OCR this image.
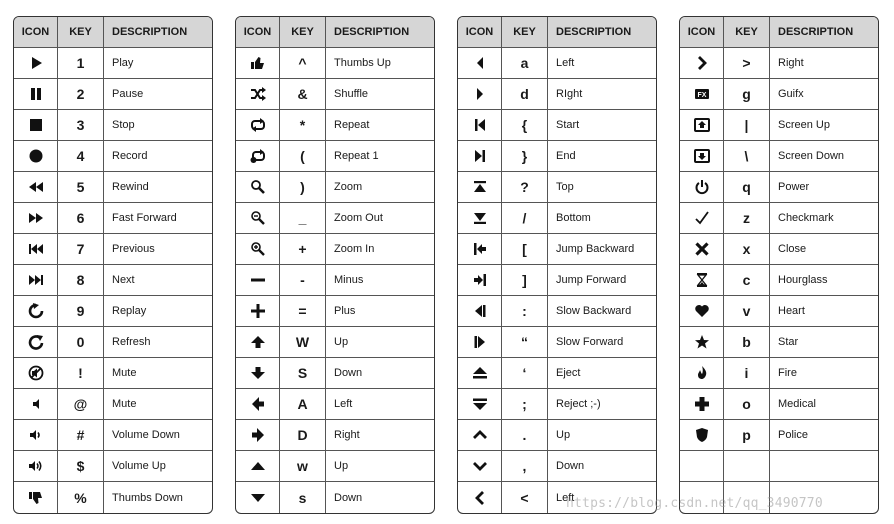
ICON	KEY	DESCRIPTION
1	Play
2	Pause
3	Stop
4	Record
5	Rewind
6	Fast Forward
7	Previous
8	Next
9	Replay
0	Refresh
!	Mute
@	Mute
#	Volume Down
$	Volume Up
%	Thumbs Down
ICON	KEY	DESCRIPTION
^	Thumbs Up
&	Shuffle
*	Repeat
(	Repeat 1
)	Zoom
_	Zoom Out
+	Zoom In
-	Minus
=	Plus
W	Up
S	Down
A	Left
D	Right
w	Up
s	Down
ICON	KEY	DESCRIPTION
a	Left
d	RIght
{	Start
}	End
?	Top
/	Bottom
[	Jump Backward
]	Jump Forward
:	Slow Backward
“	Slow Forward
‘	Eject
;	Reject ;-)
.	Up
,	Down
<	Left
ICON	KEY	DESCRIPTION
>	Right
FX	g	Guifx
|	Screen Up
\	Screen Down
q	Power
z	Checkmark
x	Close
c	Hourglass
v	Heart
b	Star
i	Fire
o	Medical
p	Police
https://blog.csdn.net/qq_3490770
